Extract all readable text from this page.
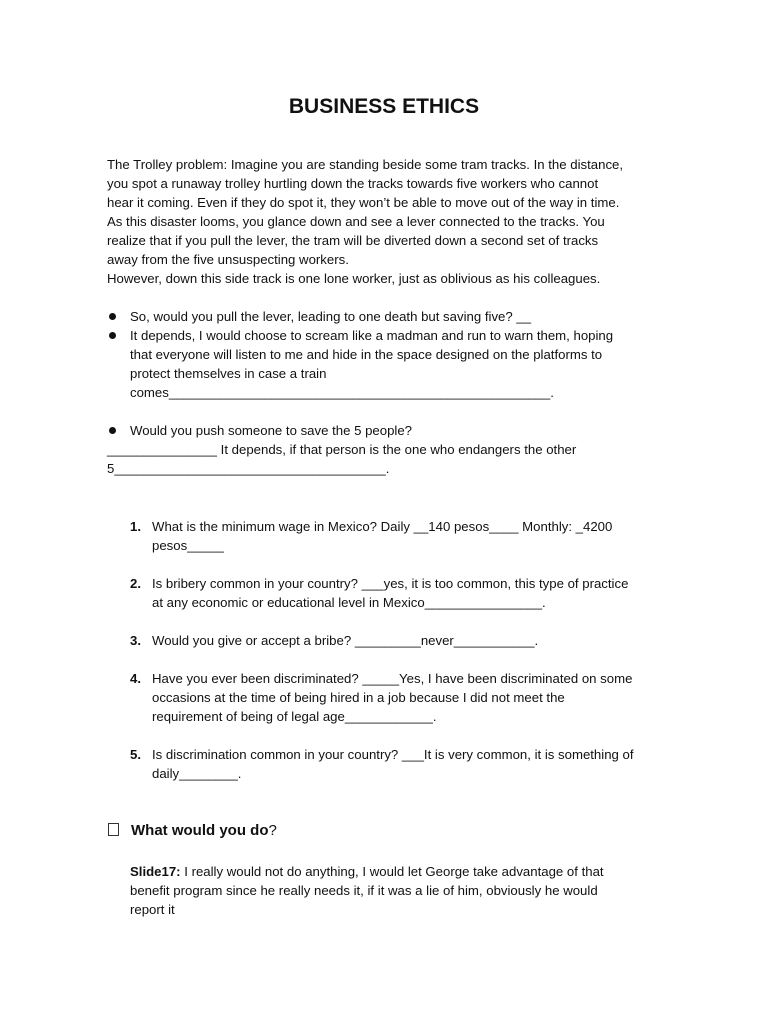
BUSINESS ETHICS
The Trolley problem: Imagine you are standing beside some tram tracks. In the distance,
you spot a runaway trolley hurtling down the tracks towards five workers who cannot
hear it coming. Even if they do spot it, they won’t be able to move out of the way in time.
As this disaster looms, you glance down and see a lever connected to the tracks. You
realize that if you pull the lever, the tram will be diverted down a second set of tracks
away from the five unsuspecting workers.
However, down this side track is one lone worker, just as oblivious as his colleagues.
So, would you pull the lever, leading to one death but saving five? __
It depends, I would choose to scream like a madman and run to warn them, hoping
that everyone will listen to me and hide in the space designed on the platforms to
protect themselves in case a train
comes____________________________________________________.
Would you push someone to save the 5 people?
_______________ It depends, if that person is the one who endangers the other
5_____________________________________.
1. What is the minimum wage in Mexico? Daily __140 pesos____ Monthly: _4200
pesos_____
2. Is bribery common in your country? ___yes, it is too common, this type of practice
at any economic or educational level in Mexico________________.
3. Would you give or accept a bribe? _________never___________.
4. Have you ever been discriminated? _____Yes, I have been discriminated on some
occasions at the time of being hired in a job because I did not meet the
requirement of being of legal age____________.
5. Is discrimination common in your country? ___It is very common, it is something of
daily________.
What would you do?
Slide17: I really would not do anything, I would let George take advantage of that
benefit program since he really needs it, if it was a lie of him, obviously he would
report it
